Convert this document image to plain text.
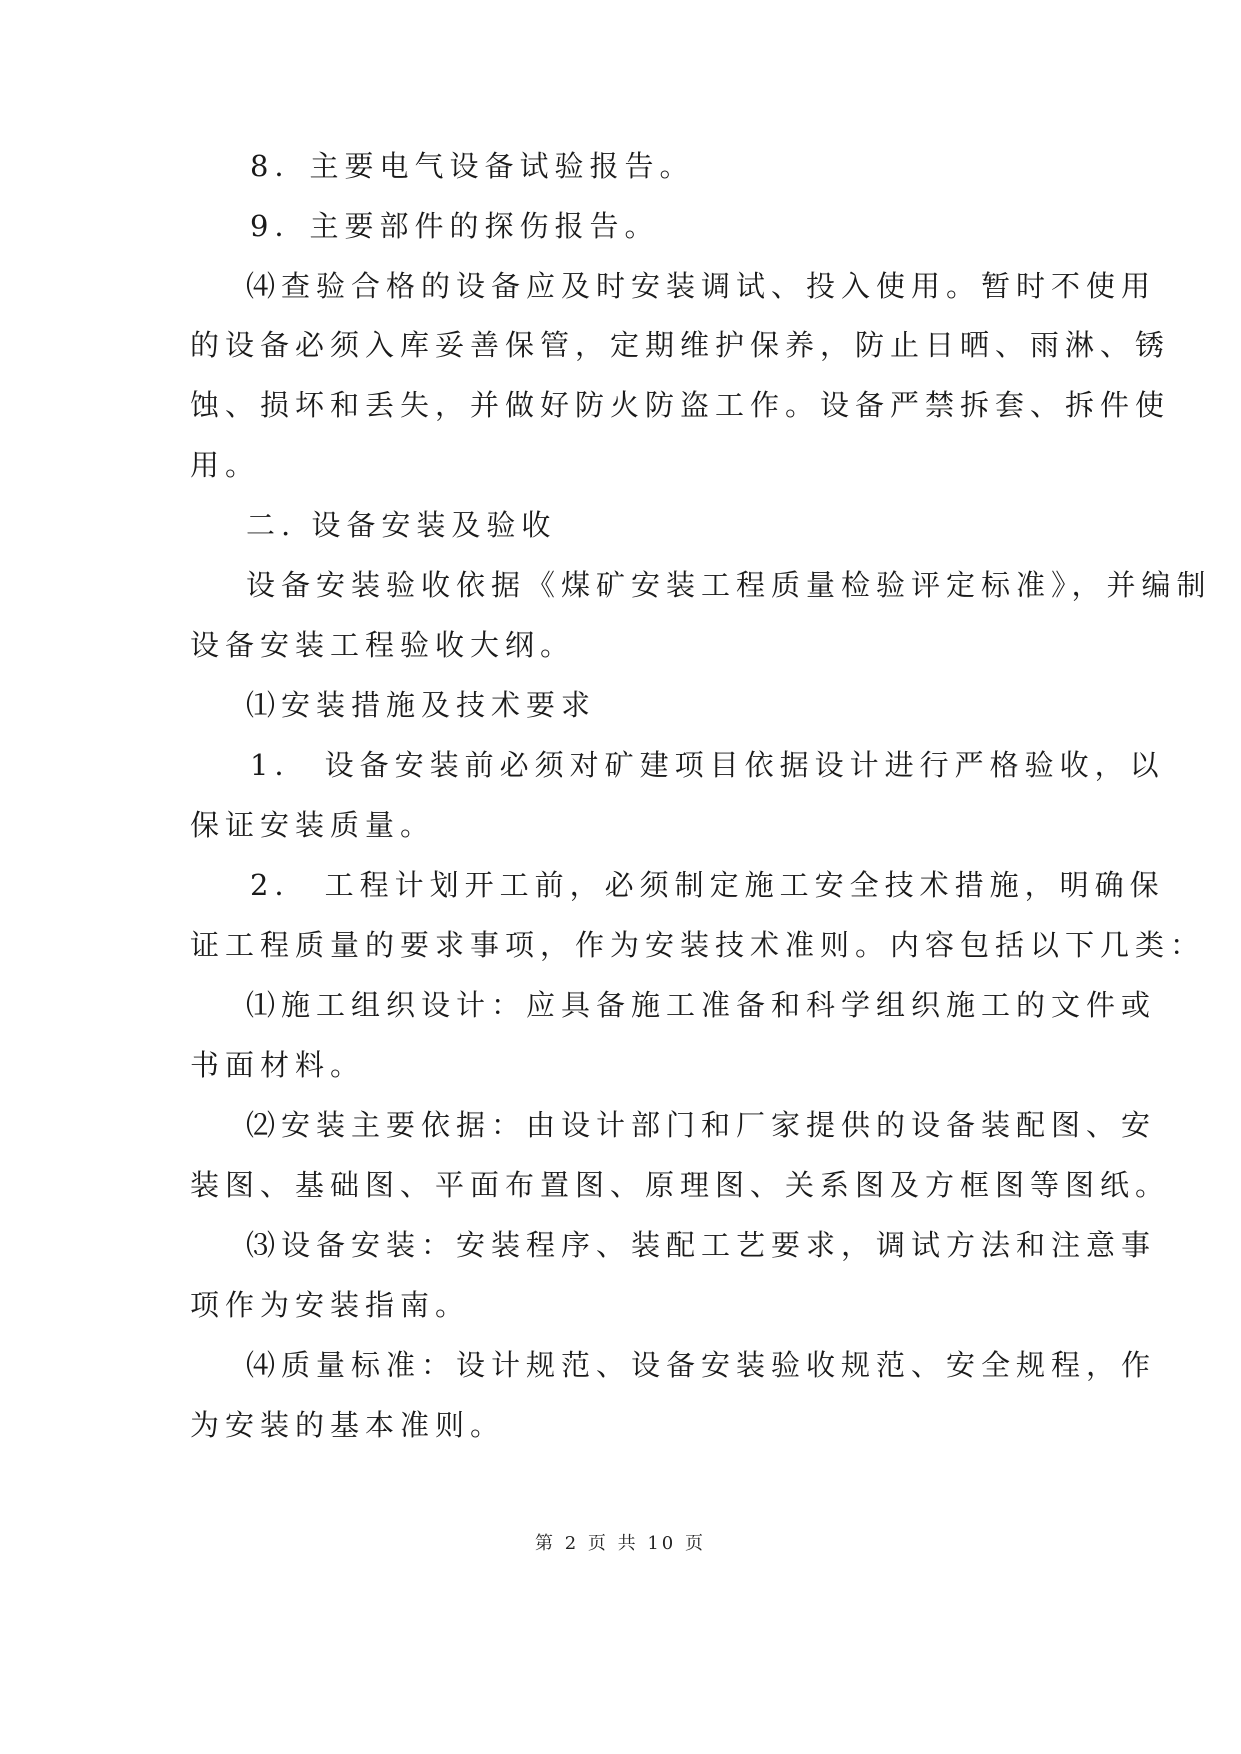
8．主要电气设备试验报告。
9．主要部件的探伤报告。
⑷查验合格的设备应及时安装调试、投入使用。暂时不使用
的设备必须入库妥善保管，定期维护保养，防止日晒、雨淋、锈
蚀、损坏和丢失，并做好防火防盗工作。设备严禁拆套、拆件使
用。
二. 设备安装及验收
设备安装验收依据《煤矿安装工程质量检验评定标准》，并编制
设备安装工程验收大纲。
⑴安装措施及技术要求
1． 设备安装前必须对矿建项目依据设计进行严格验收，以
保证安装质量。
2． 工程计划开工前，必须制定施工安全技术措施，明确保
证工程质量的要求事项，作为安装技术准则。内容包括以下几类：
⑴施工组织设计：应具备施工准备和科学组织施工的文件或
书面材料。
⑵安装主要依据：由设计部门和厂家提供的设备装配图、安
装图、基础图、平面布置图、原理图、关系图及方框图等图纸。
⑶设备安装：安装程序、装配工艺要求，调试方法和注意事
项作为安装指南。
⑷质量标准：设计规范、设备安装验收规范、安全规程，作
为安装的基本准则。
第 2 页 共 10 页
